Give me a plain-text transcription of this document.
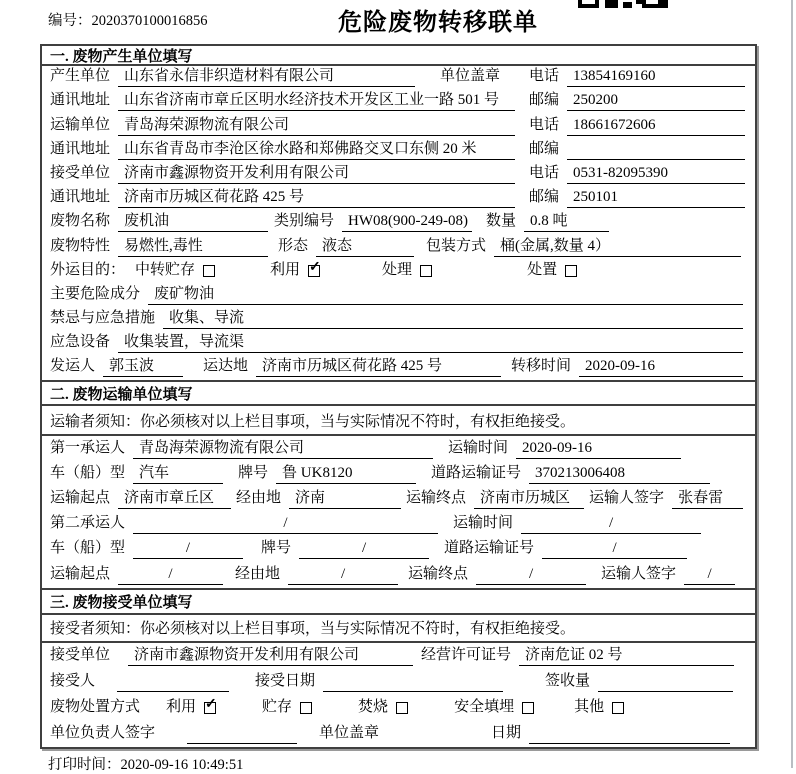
编号：2020370100016856	危险废物转移联单
一. 废物产生单位填写
产生单位 山东省永信非织造材料有限公司	单位盖章 电话 13854169160
通讯地址 山东省济南市章丘区明水经济技术开发区工业一路 501 号	邮编 250200
运输单位 青岛海荣源物流有限公司	电话 18661672606
通讯地址 山东省青岛市李沧区徐水路和郑佛路交叉口东侧 20 米	邮编
接受单位 济南市鑫源物资开发利用有限公司	电话 0531-82095390
通讯地址 济南市历城区荷花路 425 号	邮编 250101
废物名称 废机油	类别编号 HW08(900-249-08) 数量 0.8 吨
废物特性 易燃性,毒性	形态 液态	包装方式 桶(金属,数量 4）
外运目的： 中转贮存	利用 ✓	处理	处置
主要危险成分 废矿物油
禁忌与应急措施 收集、导流
应急设备 收集装置，导流渠
发运人 郭玉波	运达地 济南市历城区荷花路 425 号	转移时间 2020-09-16
二. 废物运输单位填写
运输者须知：你必须核对以上栏目事项，当与实际情况不符时，有权拒绝接受。
第一承运人 青岛海荣源物流有限公司	运输时间 2020-09-16
车（船）型 汽车	牌号 鲁 UK8120	道路运输证号 370213006408
运输起点 济南市章丘区	经由地 济南	运输终点 济南市历城区	运输人签字 张春雷
第二承运人	/	运输时间	/
车（船）型	/	牌号	/	道路运输证号	/
运输起点	/	经由地	/	运输终点	/	运输人签字	/
三. 废物接受单位填写
接受者须知：你必须核对以上栏目事项，当与实际情况不符时，有权拒绝接受。
接受单位	济南市鑫源物资开发利用有限公司	经营许可证号 济南危证 02 号
接受人	接受日期	签收量
废物处置方式 利用 ✓	贮存	焚烧	安全填埋	其他
单位负责人签字	单位盖章	日期
打印时间：2020-09-16 10:49:51
